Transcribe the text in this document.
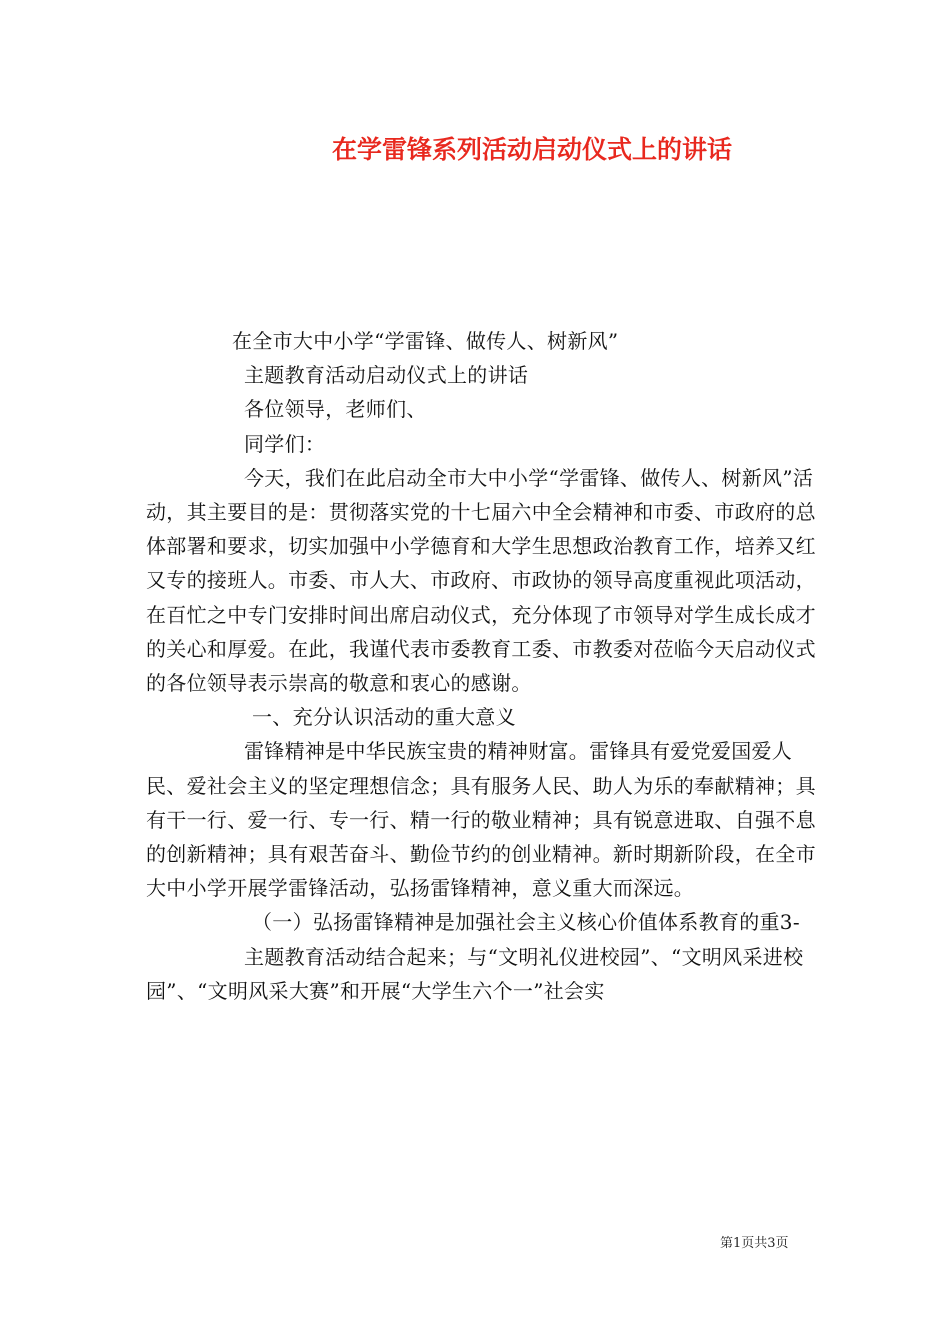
在学雷锋系列活动启动仪式上的讲话

在全市大中小学“学雷锋、做传人、树新风”

主题教育活动启动仪式上的讲话

各位领导，老师们、

同学们：

今天，我们在此启动全市大中小学“学雷锋、做传人、树新风”活动，其主要目的是：贯彻落实党的十七届六中全会精神和市委、市政府的总体部署和要求，切实加强中小学德育和大学生思想政治教育工作，培养又红又专的接班人。市委、市人大、市政府、市政协的领导高度重视此项活动，在百忙之中专门安排时间出席启动仪式，充分体现了市领导对学生成长成才的关心和厚爱。在此，我谨代表市委教育工委、市教委对莅临今天启动仪式的各位领导表示崇高的敬意和衷心的感谢。

一、充分认识活动的重大意义

雷锋精神是中华民族宝贵的精神财富。雷锋具有爱党爱国爱人民、爱社会主义的坚定理想信念；具有服务人民、助人为乐的奉献精神；具有干一行、爱一行、专一行、精一行的敬业精神；具有锐意进取、自强不息的创新精神；具有艰苦奋斗、勤俭节约的创业精神。新时期新阶段，在全市大中小学开展学雷锋活动，弘扬雷锋精神，意义重大而深远。

（一）弘扬雷锋精神是加强社会主义核心价值体系教育的重3-

主题教育活动结合起来；与“文明礼仪进校园”、“文明风采进校园”、“文明风采大赛”和开展“大学生六个一”社会实

第1页共3页
